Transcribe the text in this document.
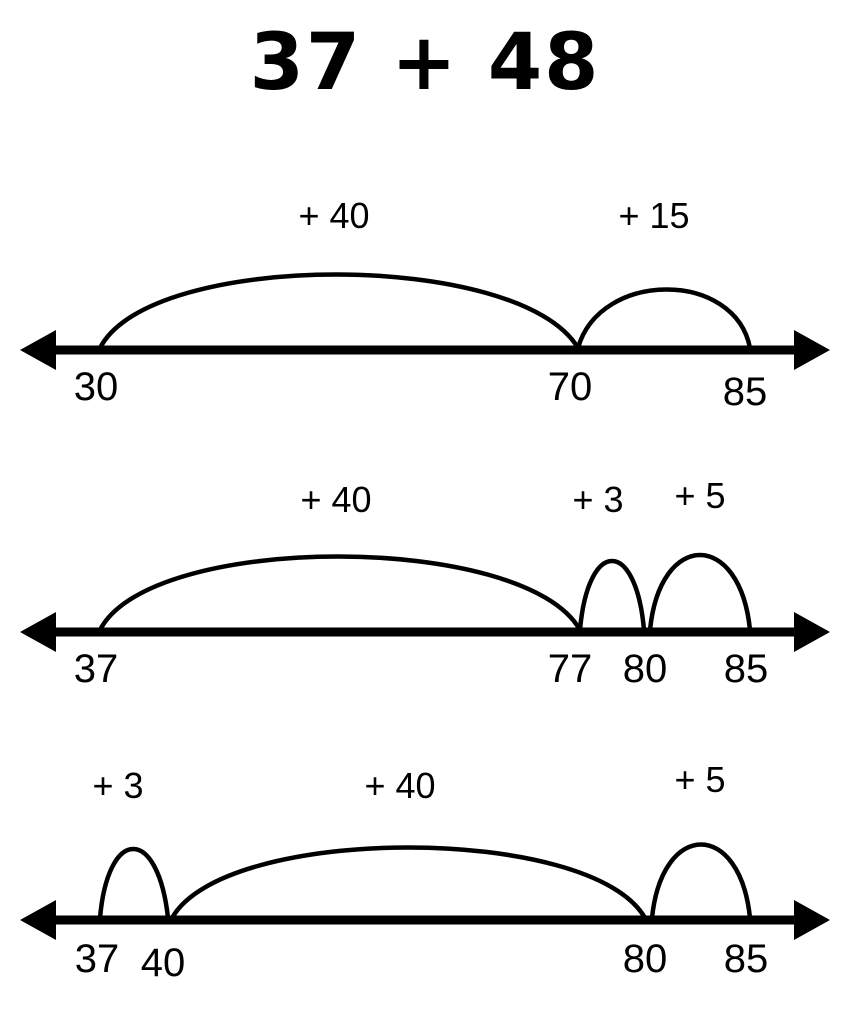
37 + 48
+ 40	+ 15
30	70	85
+ 40	+ 3 + 5
37	77 80 85
+ 3	+ 40	+ 5
37 40	80 85
